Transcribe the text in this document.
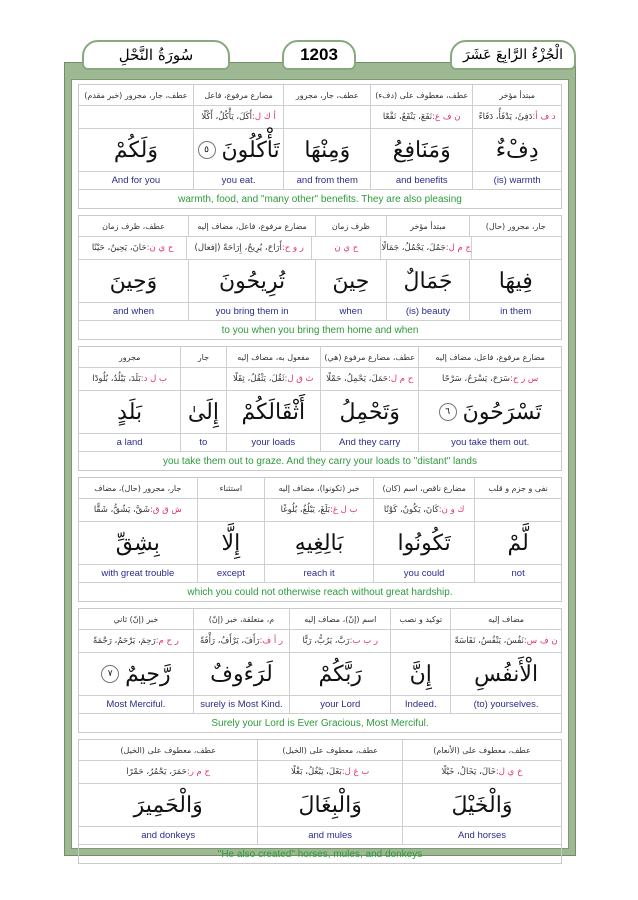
مبتدأ مؤخر
عطف، معطوف علی (دفء)
عطف، جار، مجرور
مضارع مرفوع، فاعل
عطف، جار، مجرور (خبر مقدم)
د ف أ:
دَفِئَ، يَدْفَأُ، دَفَاءً
ن ف ع:
نَفَعَ، يَنْفَعُ، نَفْعًا
أ ك ل:
أَكَلَ، يَأْكُلُ، أَكْلًا
دِفْءٌ
وَمَنَافِعُ
وَمِنْهَا
تَأْكُلُونَ
٥
وَلَكُمْ
(is) warmth
and benefits
and from them
you eat.
And for you
warmth, food, and "many other" benefits. They are also pleasing
جار، مجرور (حال)
مبتدأ مؤخر
ظرف زمان
مضارع مرفوع، فاعل، مضاف إليه
عطف، ظرف زمان
ج م ل:
جَمُلَ، يَجْمُلُ، جَمَالًا
ح ي ن
ر و ح:
أَرَاحَ، يُرِيحُ، إِرَاحَةً (إفعال)
ح ي ن:
حَانَ، يَحِينُ، حَيْنًا
فِيهَا
جَمَالٌ
حِينَ
تُرِيحُونَ
وَحِينَ
in them
(is) beauty
when
you bring them in
and when
to you when you bring them home and when
مضارع مرفوع، فاعل، مضاف إليه
عطف، مضارع مرفوع (هي)
مفعول به، مضاف إليه
جار
مجرور
س ر ح:
سَرَحَ، يَسْرَحُ، سَرْحًا
ح م ل:
حَمَلَ، يَحْمِلُ، حَمْلًا
ث ق ل:
ثَقُلَ، يَثْقُلُ، ثِقَلًا
ب ل د:
بَلَدَ، يَبْلُدُ، بُلُودًا
تَسْرَحُونَ
٦
وَتَحْمِلُ
أَثْقَالَكُمْ
إِلَىٰ
بَلَدٍ
you take them out.
And they carry
your loads
to
a land
you take them out to graze. And they carry your loads to "distant" lands
نفی و جزم و قلب
مضارع ناقص، اسم (كان)
خبر (تكونوا)، مضاف إليه
استثناء
جار، مجرور (حال)، مضاف
ك و ن:
كَانَ، يَكُونُ، كَوْنًا
ب ل غ:
بَلَغَ، يَبْلُغُ، بُلُوغًا
ش ق ق:
شَقَّ، يَشُقُّ، شَقًّا
لَّمْ
تَكُونُوا
بَالِغِيهِ
إِلَّا
بِشِقِّ
not
you could
reach it
except
with great trouble
which you could not otherwise reach without great hardship.
مضاف إليه
توكيد و نصب
اسم (إنّ)، مضاف إليه
م، متعلقة، خبر (إنّ)
خبر (إنّ) ثاني
ن ف س:
نَفُسَ، يَنْفُسُ، نَفَاسَةً
ر ب ب:
رَبَّ، يَرُبُّ، رَبًّا
ر أ ف:
رَأَفَ، يَرْأَفُ، رَأْفَةً
ر ح م:
رَحِمَ، يَرْحَمُ، رَحْمَةً
الْأَنفُسِ
إِنَّ
رَبَّكُمْ
لَرَءُوفٌ
رَّحِيمٌ
٧
(to) yourselves.
Indeed.
your Lord
surely is Most Kind.
Most Merciful.
Surely your Lord is Ever Gracious, Most Merciful.
عطف، معطوف علی (الأنعام)
عطف، معطوف علی (الخيل)
عطف، معطوف علی (الخيل)
خ ي ل:
خَالَ، يَخَالُ، خَيْلًا
ب غ ل:
بَغَلَ، يَبْغُلُ، بَغْلًا
ح م ر:
حَمَرَ، يَحْمُرُ، حَمْرًا
وَالْخَيْلَ
وَالْبِغَالَ
وَالْحَمِيرَ
And horses
and mules
and donkeys
"He also created" horses, mules, and donkeys
سُورَةُ النَّحْلِ	1203	الْجُزْءُ الرَّابِعَ عَشَرَ
